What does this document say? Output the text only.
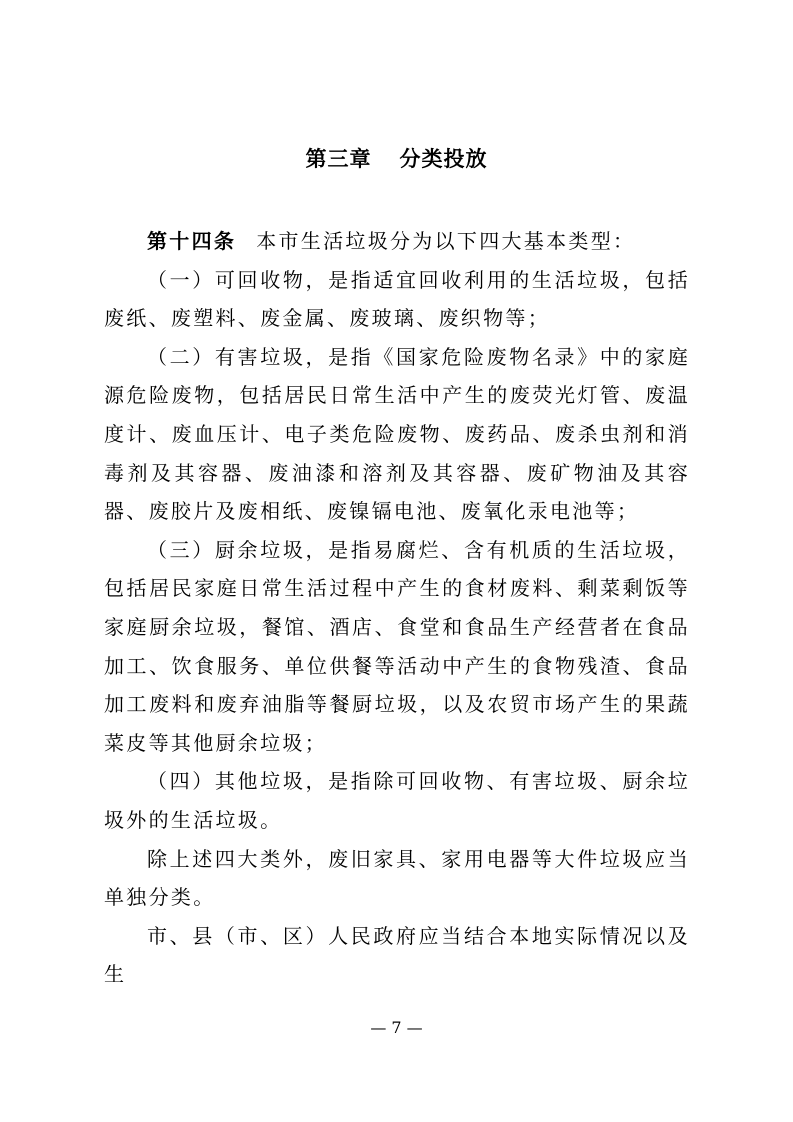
第三章 分类投放

第十四条 本市生活垃圾分为以下四大基本类型：

（一）可回收物，是指适宜回收利用的生活垃圾，包括废纸、废塑料、废金属、废玻璃、废织物等；

（二）有害垃圾，是指《国家危险废物名录》中的家庭源危险废物，包括居民日常生活中产生的废荧光灯管、废温度计、废血压计、电子类危险废物、废药品、废杀虫剂和消毒剂及其容器、废油漆和溶剂及其容器、废矿物油及其容器、废胶片及废相纸、废镍镉电池、废氧化汞电池等；

（三）厨余垃圾，是指易腐烂、含有机质的生活垃圾，包括居民家庭日常生活过程中产生的食材废料、剩菜剩饭等家庭厨余垃圾，餐馆、酒店、食堂和食品生产经营者在食品加工、饮食服务、单位供餐等活动中产生的食物残渣、食品加工废料和废弃油脂等餐厨垃圾，以及农贸市场产生的果蔬菜皮等其他厨余垃圾；

（四）其他垃圾，是指除可回收物、有害垃圾、厨余垃圾外的生活垃圾。

除上述四大类外，废旧家具、家用电器等大件垃圾应当单独分类。

市、县（市、区）人民政府应当结合本地实际情况以及生

— 7 —
